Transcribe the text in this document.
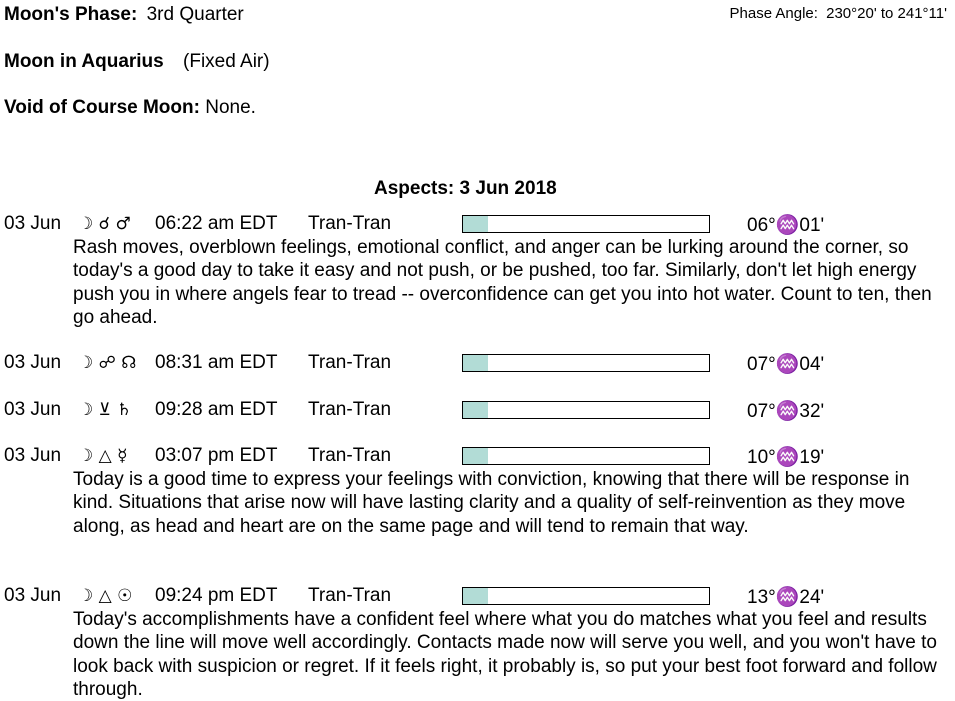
Moon's Phase: 3rd Quarter	Phase Angle: 230°20' to 241°11'
Moon in Aquarius (Fixed Air)
Void of Course Moon: None.
Aspects: 3 Jun 2018
03 Jun ☽ ☌ ♂ 06:22 am EDT Tran-Tran	06°♒01'
Rash moves, overblown feelings, emotional conflict, and anger can be lurking around the corner, so today's a good day to take it easy and not push, or be pushed, too far. Similarly, don't let high energy push you in where angels fear to tread -- overconfidence can get you into hot water. Count to ten, then go ahead.
03 Jun ☽ ☍ ☊ 08:31 am EDT Tran-Tran	07°♒04'
03 Jun ☽ ⊻ ♄ 09:28 am EDT Tran-Tran	07°♒32'
03 Jun ☽ △ ☿ 03:07 pm EDT Tran-Tran	10°♒19'
Today is a good time to express your feelings with conviction, knowing that there will be response in kind. Situations that arise now will have lasting clarity and a quality of self-reinvention as they move along, as head and heart are on the same page and will tend to remain that way.
03 Jun ☽ △ ☉ 09:24 pm EDT Tran-Tran	13°♒24'
Today's accomplishments have a confident feel where what you do matches what you feel and results down the line will move well accordingly. Contacts made now will serve you well, and you won't have to look back with suspicion or regret. If it feels right, it probably is, so put your best foot forward and follow through.
